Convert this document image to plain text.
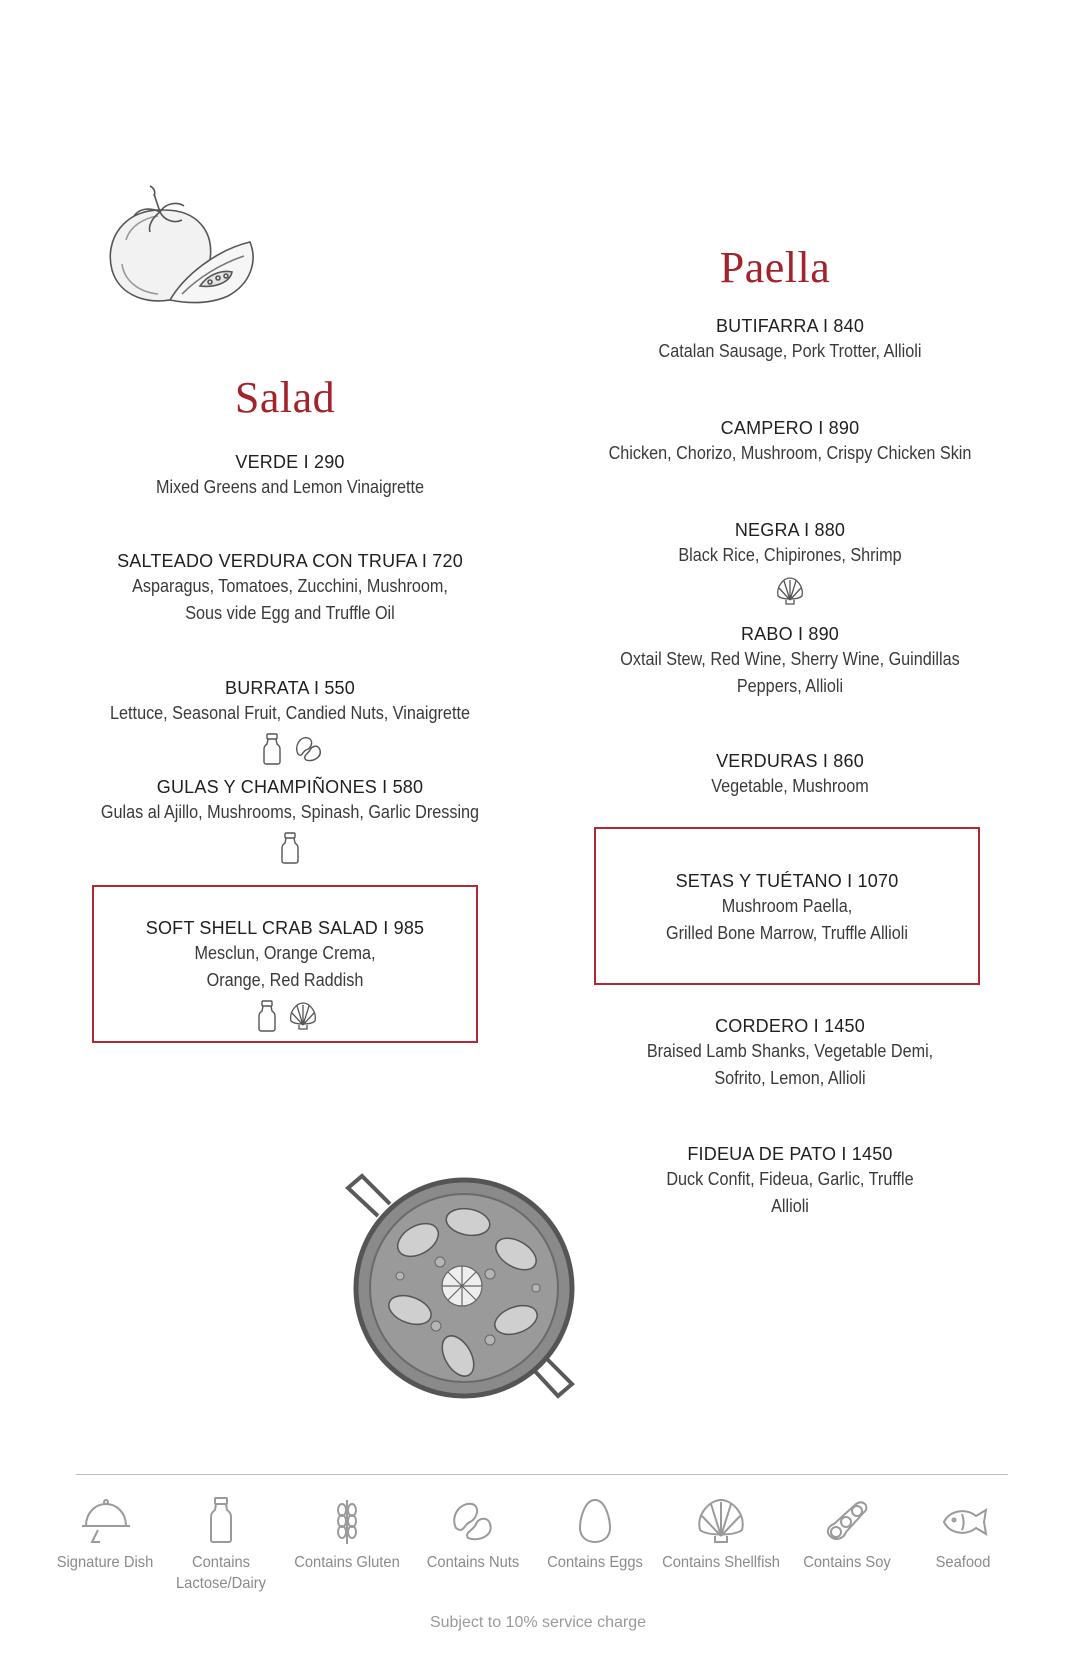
Salad
VERDE I 290
Mixed Greens and Lemon Vinaigrette
SALTEADO VERDURA CON TRUFA I 720
Asparagus, Tomatoes, Zucchini, Mushroom,
Sous vide Egg and Truffle Oil
BURRATA I 550
Lettuce, Seasonal Fruit, Candied Nuts, Vinaigrette
GULAS Y CHAMPIÑONES I 580
Gulas al Ajillo, Mushrooms, Spinash, Garlic Dressing
SOFT SHELL CRAB SALAD I 985
Mesclun, Orange Crema,
Orange, Red Raddish
Paella
BUTIFARRA I 840
Catalan Sausage, Pork Trotter, Allioli
CAMPERO I 890
Chicken, Chorizo, Mushroom, Crispy Chicken Skin
NEGRA I 880
Black Rice, Chipirones, Shrimp
RABO I 890
Oxtail Stew, Red Wine, Sherry Wine, Guindillas
Peppers, Allioli
VERDURAS I 860
Vegetable, Mushroom
SETAS Y TUÉTANO I 1070
Mushroom Paella,
Grilled Bone Marrow, Truffle Allioli
CORDERO I 1450
Braised Lamb Shanks, Vegetable Demi,
Sofrito, Lemon, Allioli
FIDEUA DE PATO I 1450
Duck Confit, Fideua, Garlic, Truffle
Allioli
Signature Dish	Contains
Lactose/Dairy
Contains Gluten	Contains Nuts	Contains Eggs	Contains Shellfish	Contains Soy	Seafood
Subject to 10% service charge
